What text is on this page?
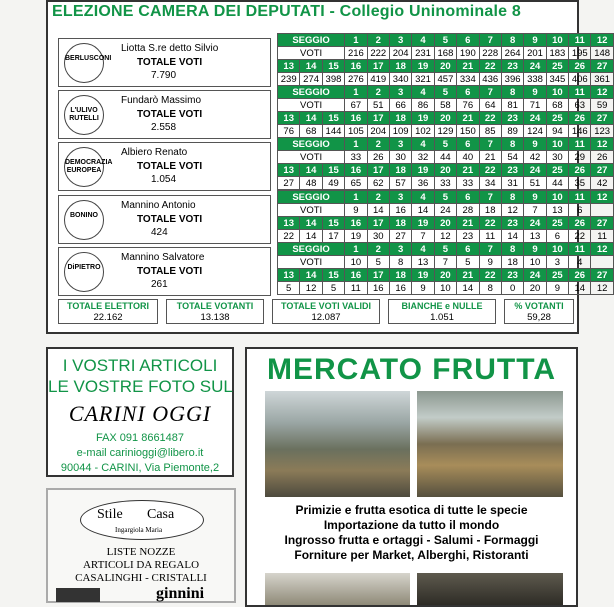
ELEZIONE CAMERA DEI DEPUTATI - Collegio Uninominale 8
BERLUSCONI
Liotta S.re detto Silvio
TOTALE VOTI
7.790
SEGGIO			1	2	3	4	5	6	7	8	9	10	11	12
VOTI			216	222	204	231	168	190	228	264	201	183	195	148
13	14	15	16	17	18	19	20	21	22	23	24	25	26	27
239	274	398	276	419	340	321	457	334	436	396	338	345	406	361
L'ULIVO RUTELLI
Fundarò Massimo
TOTALE VOTI
2.558
SEGGIO			1	2	3	4	5	6	7	8	9	10	11	12
VOTI			67	51	66	86	58	76	64	81	71	68	63	59
13	14	15	16	17	18	19	20	21	22	23	24	25	26	27
76	68	144	105	204	109	102	129	150	85	89	124	94	146	123
DEMOCRAZIA EUROPEA
Albiero Renato
TOTALE VOTI
1.054
SEGGIO			1	2	3	4	5	6	7	8	9	10	11	12
VOTI			33	26	30	32	44	40	21	54	42	30	29	26
13	14	15	16	17	18	19	20	21	22	23	24	25	26	27
27	48	49	65	62	57	36	33	33	34	31	51	44	35	42
BONINO
Mannino Antonio
TOTALE VOTI
424
SEGGIO			1	2	3	4	5	6	7	8	9	10	11	12
VOTI			9	14	16	14	24	28	18	12	7	13	6	
13	14	15	16	17	18	19	20	21	22	23	24	25	26	27
22	14	17	19	30	27	7	12	23	11	14	13	6	22	11
DiPIETRO
Mannino Salvatore
TOTALE VOTI
261
SEGGIO			1	2	3	4	5	6	7	8	9	10	11	12
VOTI			10	5	8	13	7	5	9	18	10	3	4	
13	14	15	16	17	18	19	20	21	22	23	24	25	26	27
5	12	5	11	16	16	9	10	14	8	0	20	9	14	12
TOTALE ELETTORI
22.162
TOTALE VOTANTI
13.138
TOTALE VOTI VALIDI
12.087
BIANCHE e NULLE
1.051
% VOTANTI
59,28
I VOSTRI ARTICOLI
LE VOSTRE FOTO SUL
CARINI OGGI
FAX 091 8661487
e-mail carinioggi@libero.it
90044 - CARINI, Via Piemonte,2
Stile Casa
Ingargiola Maria
LISTE NOZZE
ARTICOLI DA REGALO
CASALINGHI - CRISTALLI
ginnini
MERCATO FRUTTA
Primizie e frutta esotica di tutte le specie
Importazione da tutto il mondo
Ingrosso frutta e ortaggi - Salumi - Formaggi
Forniture per Market, Alberghi, Ristoranti
